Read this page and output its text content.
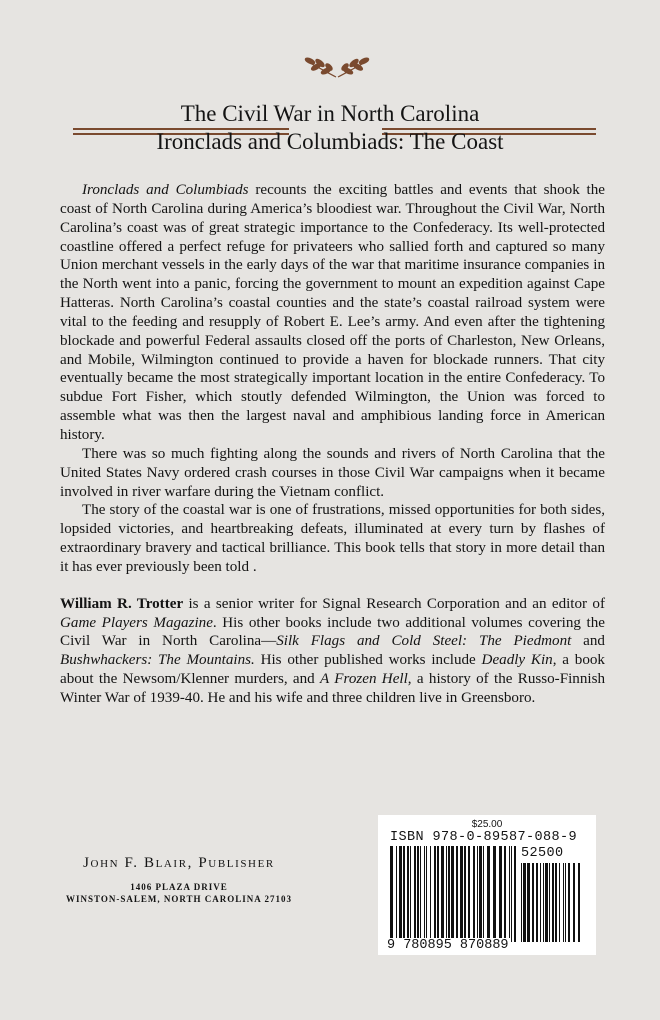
The Civil War in North Carolina
Ironclads and Columbiads: The Coast

Ironclads and Columbiads recounts the exciting battles and events that shook the coast of North Carolina during America’s bloodiest war. Throughout the Civil War, North Carolina’s coast was of great strategic importance to the Confederacy. Its well-protected coastline offered a perfect refuge for privateers who sallied forth and captured so many Union merchant vessels in the early days of the war that maritime insurance companies in the North went into a panic, forcing the government to mount an expedition against Cape Hatteras. North Carolina’s coastal counties and the state’s coastal railroad system were vital to the feeding and resupply of Robert E. Lee’s army. And even after the tightening blockade and powerful Federal assaults closed off the ports of Charleston, New Orleans, and Mobile, Wilmington continued to provide a haven for blockade runners. That city eventually became the most strategically important location in the entire Confederacy. To subdue Fort Fisher, which stoutly defended Wilmington, the Union was forced to assemble what was then the largest naval and amphibious landing force in American history.

There was so much fighting along the sounds and rivers of North Carolina that the United States Navy ordered crash courses in those Civil War campaigns when it became involved in river warfare during the Vietnam conflict.

The story of the coastal war is one of frustrations, missed opportunities for both sides, lopsided victories, and heartbreaking defeats, illuminated at every turn by flashes of extraordinary bravery and tactical brilliance. This book tells that story in more detail than it has ever previously been told .

William R. Trotter is a senior writer for Signal Research Corporation and an editor of Game Players Magazine. His other books include two additional volumes covering the Civil War in North Carolina—Silk Flags and Cold Steel: The Piedmont and Bushwhackers: The Mountains. His other published works include Deadly Kin, a book about the Newsom/Klenner murders, and A Frozen Hell, a history of the Russo-Finnish Winter War of 1939-40. He and his wife and three children live in Greensboro.

John F. Blair, Publisher
1406 PLAZA DRIVE
WINSTON-SALEM, NORTH CAROLINA 27103
$25.00
ISBN 978-0-89587-088-9
52500
9 780895 870889
